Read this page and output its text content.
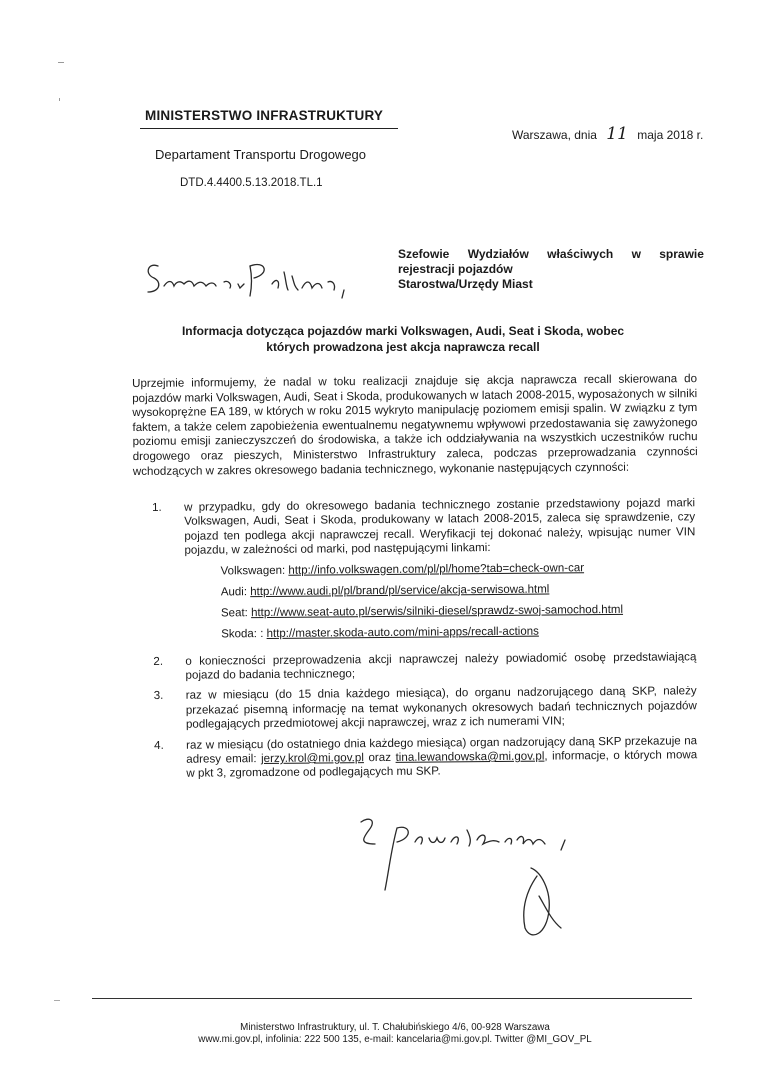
MINISTERSTWO INFRASTRUKTURY
Departament Transportu Drogowego
DTD.4.4400.5.13.2018.TL.1
Warszawa, dnia 11 maja 2018 r.
Szefowie Wydziałów właściwych w sprawie
rejestracji pojazdów
Starostwa/Urzędy Miast
Informacja dotycząca pojazdów marki Volkswagen, Audi, Seat i Skoda, wobec których prowadzona jest akcja naprawcza recall
Uprzejmie informujemy, że nadal w toku realizacji znajduje się akcja naprawcza recall skierowana do pojazdów marki Volkswagen, Audi, Seat i Skoda, produkowanych w latach 2008-2015, wyposażonych w silniki wysokoprężne EA 189, w których w roku 2015 wykryto manipulację poziomem emisji spalin. W związku z tym faktem, a także celem zapobieżenia ewentualnemu negatywnemu wpływowi przedostawania się zawyżonego poziomu emisji zanieczyszczeń do środowiska, a także ich oddziaływania na wszystkich uczestników ruchu drogowego oraz pieszych, Ministerstwo Infrastruktury zaleca, podczas przeprowadzania czynności wchodzących w zakres okresowego badania technicznego, wykonanie następujących czynności:
1. w przypadku, gdy do okresowego badania technicznego zostanie przedstawiony pojazd marki Volkswagen, Audi, Seat i Skoda, produkowany w latach 2008-2015, zaleca się sprawdzenie, czy pojazd ten podlega akcji naprawczej recall. Weryfikacji tej dokonać należy, wpisując numer VIN pojazdu, w zależności od marki, pod następującymi linkami:
Volkswagen: http://info.volkswagen.com/pl/pl/home?tab=check-own-car
Audi: http://www.audi.pl/pl/brand/pl/service/akcja-serwisowa.html
Seat: http://www.seat-auto.pl/serwis/silniki-diesel/sprawdz-swoj-samochod.html
Skoda: : http://master.skoda-auto.com/mini-apps/recall-actions
2. o konieczności przeprowadzenia akcji naprawczej należy powiadomić osobę przedstawiającą pojazd do badania technicznego;
3. raz w miesiącu (do 15 dnia każdego miesiąca), do organu nadzorującego daną SKP, należy przekazać pisemną informację na temat wykonanych okresowych badań technicznych pojazdów podlegających przedmiotowej akcji naprawczej, wraz z ich numerami VIN;
4. raz w miesiącu (do ostatniego dnia każdego miesiąca) organ nadzorujący daną SKP przekazuje na adresy email: jerzy.krol@mi.gov.pl oraz tina.lewandowska@mi.gov.pl, informacje, o których mowa w pkt 3, zgromadzone od podlegających mu SKP.
Ministerstwo Infrastruktury, ul. T. Chałubińskiego 4/6, 00-928 Warszawa
www.mi.gov.pl, infolinia: 222 500 135, e-mail: kancelaria@mi.gov.pl. Twitter @MI_GOV_PL
